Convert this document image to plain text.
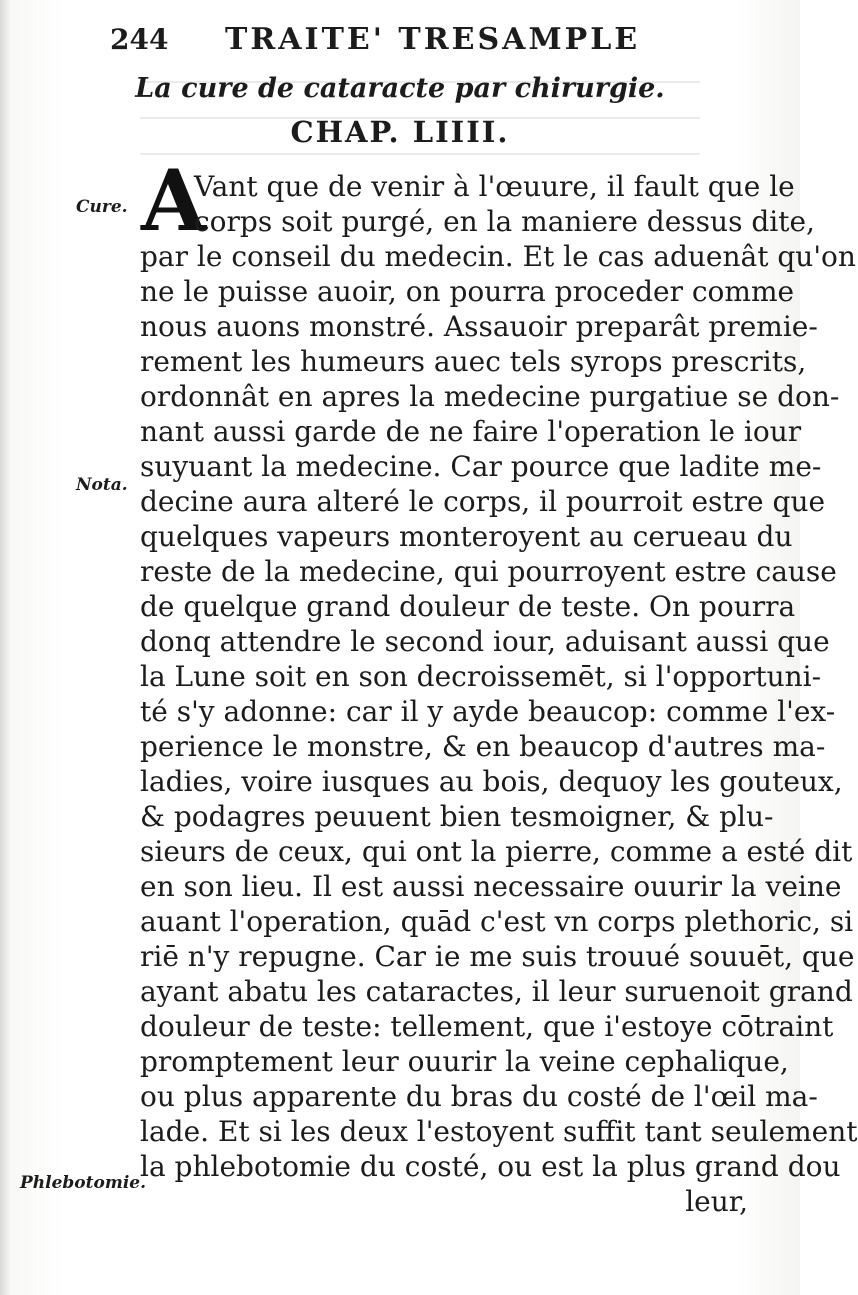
244 TRAITE' TRESAMPLE
La cure de cataracte par chirurgie.
CHAP. LIIII.
A
Cure.
Nota.
Phlebotomie.
Vant que de venir à l'œuure, il fault que le
corps soit purgé, en la maniere dessus dite,
par le conseil du medecin. Et le cas aduenât qu'on
ne le puisse auoir, on pourra proceder comme
nous auons monstré. Assauoir preparât premie-
rement les humeurs auec tels syrops prescrits,
ordonnât en apres la medecine purgatiue se don-
nant aussi garde de ne faire l'operation le iour
suyuant la medecine. Car pource que ladite me-
decine aura alteré le corps, il pourroit estre que
quelques vapeurs monteroyent au cerueau du
reste de la medecine, qui pourroyent estre cause
de quelque grand douleur de teste. On pourra
donq attendre le second iour, aduisant aussi que
la Lune soit en son decroissemēt, si l'opportuni-
té s'y adonne: car il y ayde beaucop: comme l'ex-
perience le monstre, & en beaucop d'autres ma-
ladies, voire iusques au bois, dequoy les gouteux,
& podagres peuuent bien tesmoigner, & plu-
sieurs de ceux, qui ont la pierre, comme a esté dit
en son lieu. Il est aussi necessaire ouurir la veine
auant l'operation, quād c'est vn corps plethoric, si
riē n'y repugne. Car ie me suis trouué souuēt, que
ayant abatu les cataractes, il leur suruenoit grand
douleur de teste: tellement, que i'estoye cōtraint
promptement leur ouurir la veine cephalique,
ou plus apparente du bras du costé de l'œil ma-
lade. Et si les deux l'estoyent suffit tant seulement
la phlebotomie du costé, ou est la plus grand dou
leur,
